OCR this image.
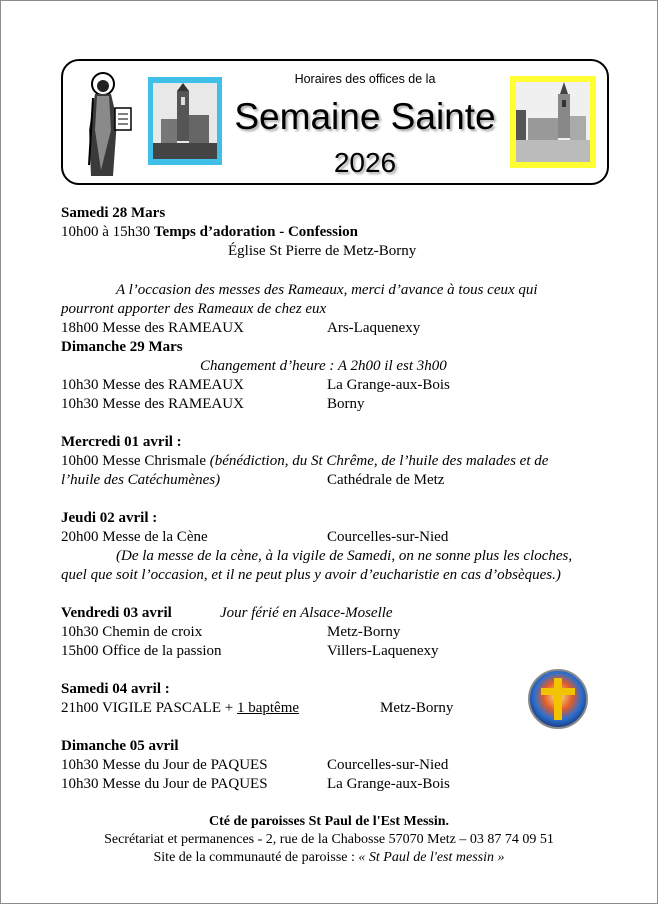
Horaires des offices de la
Semaine Sainte
2026
Samedi 28 Mars
10h00 à 15h30 Temps d’adoration - Confession
Église St Pierre de Metz-Borny
A l’occasion des messes des Rameaux, merci d’avance à tous ceux qui
pourront apporter des Rameaux de chez eux
18h00 Messe des RAMEAUX	Ars-Laquenexy
Dimanche 29 Mars
Changement d’heure : A 2h00 il est 3h00
10h30 Messe des RAMEAUX	La Grange-aux-Bois
10h30 Messe des RAMEAUX	Borny
Mercredi 01 avril :
10h00 Messe Chrismale (bénédiction, du St Chrême, de l’huile des malades et de
l’huile des Catéchumènes)	Cathédrale de Metz
Jeudi 02 avril :
20h00 Messe de la Cène	Courcelles-sur-Nied
(De la messe de la cène, à la vigile de Samedi, on ne sonne plus les cloches,
quel que soit l’occasion, et il ne peut plus y avoir d’eucharistie en cas d’obsèques.)
Vendredi 03 avril	Jour férié en Alsace-Moselle
10h30 Chemin de croix	Metz-Borny
15h00 Office de la passion	Villers-Laquenexy
Samedi 04 avril :
21h00 VIGILE PASCALE + 1 baptême	Metz-Borny
Dimanche 05 avril
10h30 Messe du Jour de PAQUES	Courcelles-sur-Nied
10h30 Messe du Jour de PAQUES	La Grange-aux-Bois
Cté de paroisses St Paul de l'Est Messin.
Secrétariat et permanences - 2, rue de la Chabosse 57070 Metz – 03 87 74 09 51
Site de la communauté de paroisse : « St Paul de l'est messin »
